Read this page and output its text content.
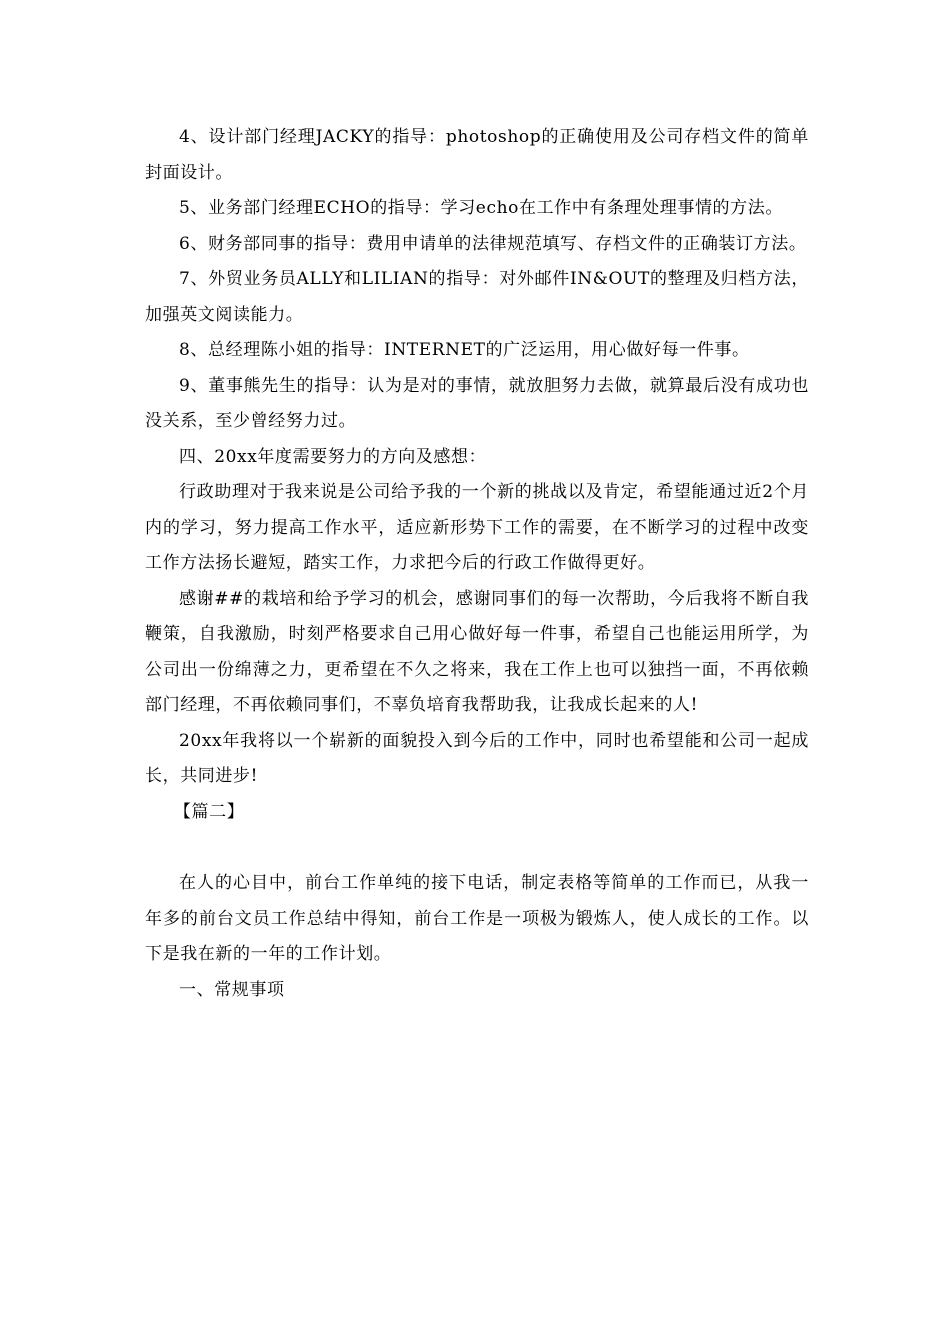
4、设计部门经理JACKY的指导：photoshop的正确使用及公司存档文件的简单封面设计。

5、业务部门经理ECHO的指导：学习echo在工作中有条理处理事情的方法。

6、财务部同事的指导：费用申请单的法律规范填写、存档文件的正确装订方法。

7、外贸业务员ALLY和LILIAN的指导：对外邮件IN&OUT的整理及归档方法，加强英文阅读能力。

8、总经理陈小姐的指导：INTERNET的广泛运用，用心做好每一件事。

9、董事熊先生的指导：认为是对的事情，就放胆努力去做，就算最后没有成功也没关系，至少曾经努力过。

四、20xx年度需要努力的方向及感想：

行政助理对于我来说是公司给予我的一个新的挑战以及肯定，希望能通过近2个月内的学习，努力提高工作水平，适应新形势下工作的需要，在不断学习的过程中改变工作方法扬长避短，踏实工作，力求把今后的行政工作做得更好。

感谢##的栽培和给予学习的机会，感谢同事们的每一次帮助，今后我将不断自我鞭策，自我激励，时刻严格要求自己用心做好每一件事，希望自己也能运用所学，为公司出一份绵薄之力，更希望在不久之将来，我在工作上也可以独挡一面，不再依赖部门经理，不再依赖同事们，不辜负培育我帮助我，让我成长起来的人!

20xx年我将以一个崭新的面貌投入到今后的工作中，同时也希望能和公司一起成长，共同进步!

【篇二】

在人的心目中，前台工作单纯的接下电话，制定表格等简单的工作而已，从我一年多的前台文员工作总结中得知，前台工作是一项极为锻炼人，使人成长的工作。以下是我在新的一年的工作计划。

一、常规事项
